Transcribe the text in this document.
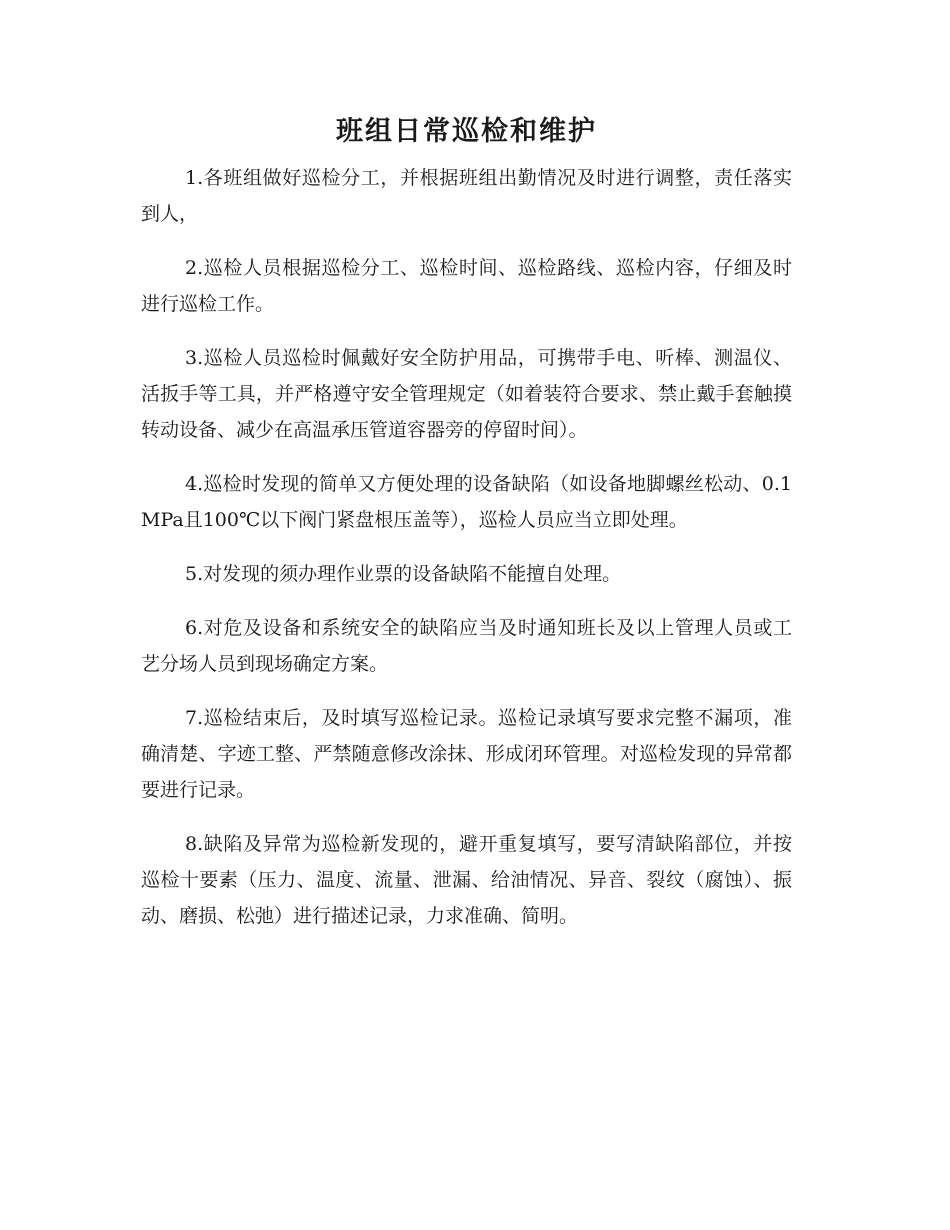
班组日常巡检和维护

1.各班组做好巡检分工，并根据班组出勤情况及时进行调整，责任落实到人，

2.巡检人员根据巡检分工、巡检时间、巡检路线、巡检内容，仔细及时进行巡检工作。

3.巡检人员巡检时佩戴好安全防护用品，可携带手电、听棒、测温仪、活扳手等工具，并严格遵守安全管理规定（如着装符合要求、禁止戴手套触摸转动设备、减少在高温承压管道容器旁的停留时间）。

4.巡检时发现的简单又方便处理的设备缺陷（如设备地脚螺丝松动、0.1MPa且100℃以下阀门紧盘根压盖等），巡检人员应当立即处理。

5.对发现的须办理作业票的设备缺陷不能擅自处理。

6.对危及设备和系统安全的缺陷应当及时通知班长及以上管理人员或工艺分场人员到现场确定方案。

7.巡检结束后，及时填写巡检记录。巡检记录填写要求完整不漏项，准确清楚、字迹工整、严禁随意修改涂抹、形成闭环管理。对巡检发现的异常都要进行记录。

8.缺陷及异常为巡检新发现的，避开重复填写，要写清缺陷部位，并按巡检十要素（压力、温度、流量、泄漏、给油情况、异音、裂纹（腐蚀）、振动、磨损、松弛）进行描述记录，力求准确、简明。
